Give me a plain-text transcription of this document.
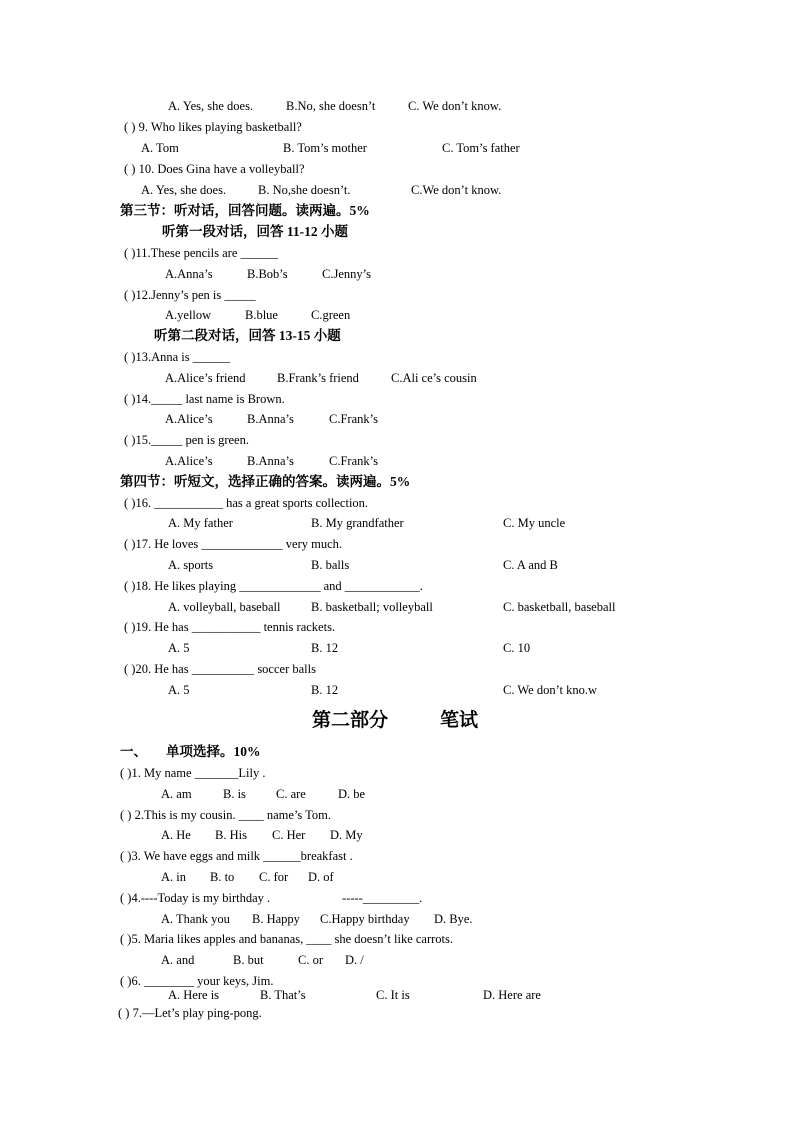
A. Yes, she does.	B.No, she doesn’t	C. We don’t know.
( ) 9. Who likes playing basketball?
A. Tom	B. Tom’s mother	C. Tom’s father
( ) 10. Does Gina have a volleyball?
A. Yes, she does.	B. No,she doesn’t.	C.We don’t know.
第三节：听对话，回答问题。读两遍。5%
听第一段对话，回答 11-12 小题
( )11.These pencils are ______
A.Anna’s	B.Bob’s	C.Jenny’s
( )12.Jenny’s pen is _____
A.yellow	B.blue	C.green
听第二段对话，回答 13-15 小题
( )13.Anna is ______
A.Alice’s friend	B.Frank’s friend	C.Ali ce’s cousin
( )14._____ last name is Brown.
A.Alice’s	B.Anna’s	C.Frank’s
( )15._____ pen is green.
A.Alice’s	B.Anna’s	C.Frank’s
第四节：听短文，选择正确的答案。读两遍。5%
( )16. ___________ has a great sports collection.
A. My father	B. My grandfather	C. My uncle
( )17. He loves _____________ very much.
A. sports	B. balls	C. A and B
( )18. He likes playing _____________ and ____________.
A. volleyball, baseball B. basketball; volleyball	C. basketball, baseball
( )19. He has ___________ tennis rackets.
A. 5	B. 12	C. 10
( )20. He has __________ soccer balls
A. 5	B. 12	C. We don’t kno.w
第二部分	笔试
一、 单项选择。10%
( )1. My name _______Lily .
A. am	B. is C. are	D. be
( ) 2.This is my cousin. ____ name’s Tom.
A. He B. His C. Her D. My
( )3. We have eggs and milk ______breakfast .
A. in B. to C. for D. of
( )4.----Today is my birthday .	-----_________.
A. Thank you B. Happy C.Happy birthday D. Bye.
( )5. Maria likes apples and bananas, ____ she doesn’t like carrots.
A. and	B. but	C. or D. /
( )6. ________ your keys, Jim.
A. Here is	B. That’s	C. It is	D. Here are
( ) 7.—Let’s play ping-pong.
